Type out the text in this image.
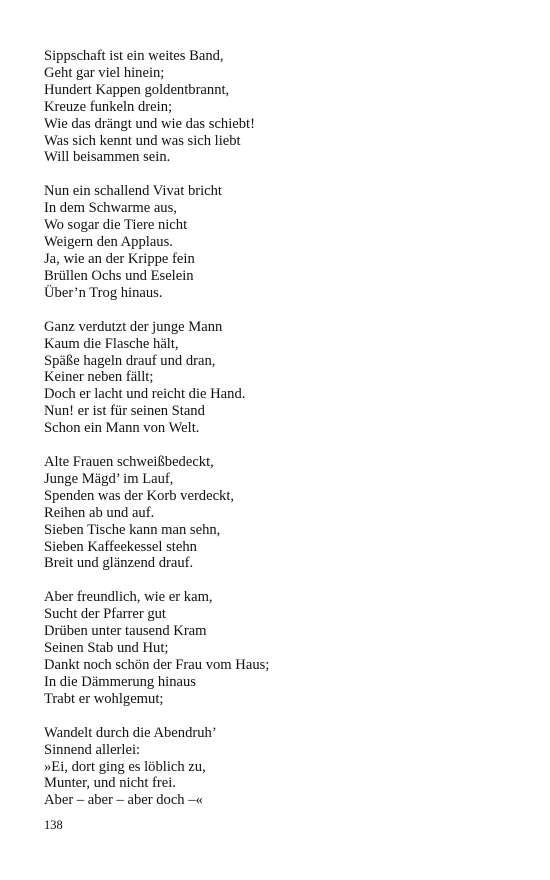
Sippschaft ist ein weites Band,
Geht gar viel hinein;
Hundert Kappen goldentbrannt,
Kreuze funkeln drein;
Wie das drängt und wie das schiebt!
Was sich kennt und was sich liebt
Will beisammen sein.
Nun ein schallend Vivat bricht
In dem Schwarme aus,
Wo sogar die Tiere nicht
Weigern den Applaus.
Ja, wie an der Krippe fein
Brüllen Ochs und Eselein
Über’n Trog hinaus.
Ganz verdutzt der junge Mann
Kaum die Flasche hält,
Späße hageln drauf und dran,
Keiner neben fällt;
Doch er lacht und reicht die Hand.
Nun! er ist für seinen Stand
Schon ein Mann von Welt.
Alte Frauen schweißbedeckt,
Junge Mägd’ im Lauf,
Spenden was der Korb verdeckt,
Reihen ab und auf.
Sieben Tische kann man sehn,
Sieben Kaffeekessel stehn
Breit und glänzend drauf.
Aber freundlich, wie er kam,
Sucht der Pfarrer gut
Drüben unter tausend Kram
Seinen Stab und Hut;
Dankt noch schön der Frau vom Haus;
In die Dämmerung hinaus
Trabt er wohlgemut;
Wandelt durch die Abendruh’
Sinnend allerlei:
»Ei, dort ging es löblich zu,
Munter, und nicht frei.
Aber – aber – aber doch –«
138
